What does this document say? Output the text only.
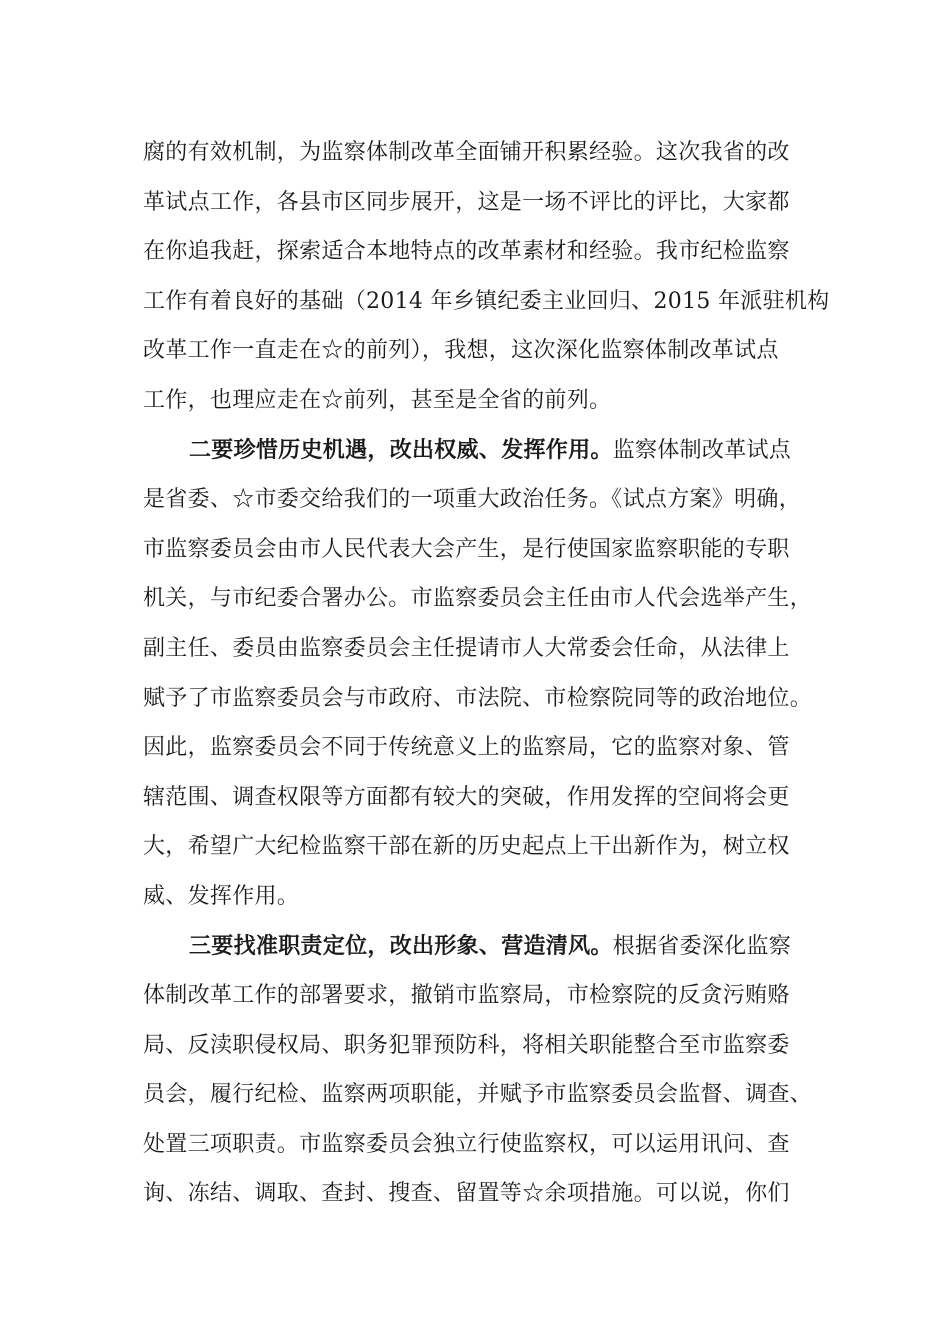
腐的有效机制，为监察体制改革全面铺开积累经验。这次我省的改
革试点工作，各县市区同步展开，这是一场不评比的评比，大家都
在你追我赶，探索适合本地特点的改革素材和经验。我市纪检监察
工作有着良好的基础（2014 年乡镇纪委主业回归、2015 年派驻机构
改革工作一直走在☆的前列），我想，这次深化监察体制改革试点
工作，也理应走在☆前列，甚至是全省的前列。
二要珍惜历史机遇，改出权威、发挥作用。监察体制改革试点
是省委、☆市委交给我们的一项重大政治任务。《试点方案》明确，
市监察委员会由市人民代表大会产生，是行使国家监察职能的专职
机关，与市纪委合署办公。市监察委员会主任由市人代会选举产生，
副主任、委员由监察委员会主任提请市人大常委会任命，从法律上
赋予了市监察委员会与市政府、市法院、市检察院同等的政治地位。
因此，监察委员会不同于传统意义上的监察局，它的监察对象、管
辖范围、调查权限等方面都有较大的突破，作用发挥的空间将会更
大，希望广大纪检监察干部在新的历史起点上干出新作为，树立权
威、发挥作用。
三要找准职责定位，改出形象、营造清风。根据省委深化监察
体制改革工作的部署要求，撤销市监察局，市检察院的反贪污贿赂
局、反渎职侵权局、职务犯罪预防科，将相关职能整合至市监察委
员会，履行纪检、监察两项职能，并赋予市监察委员会监督、调查、
处置三项职责。市监察委员会独立行使监察权，可以运用讯问、查
询、冻结、调取、查封、搜查、留置等☆余项措施。可以说，你们
